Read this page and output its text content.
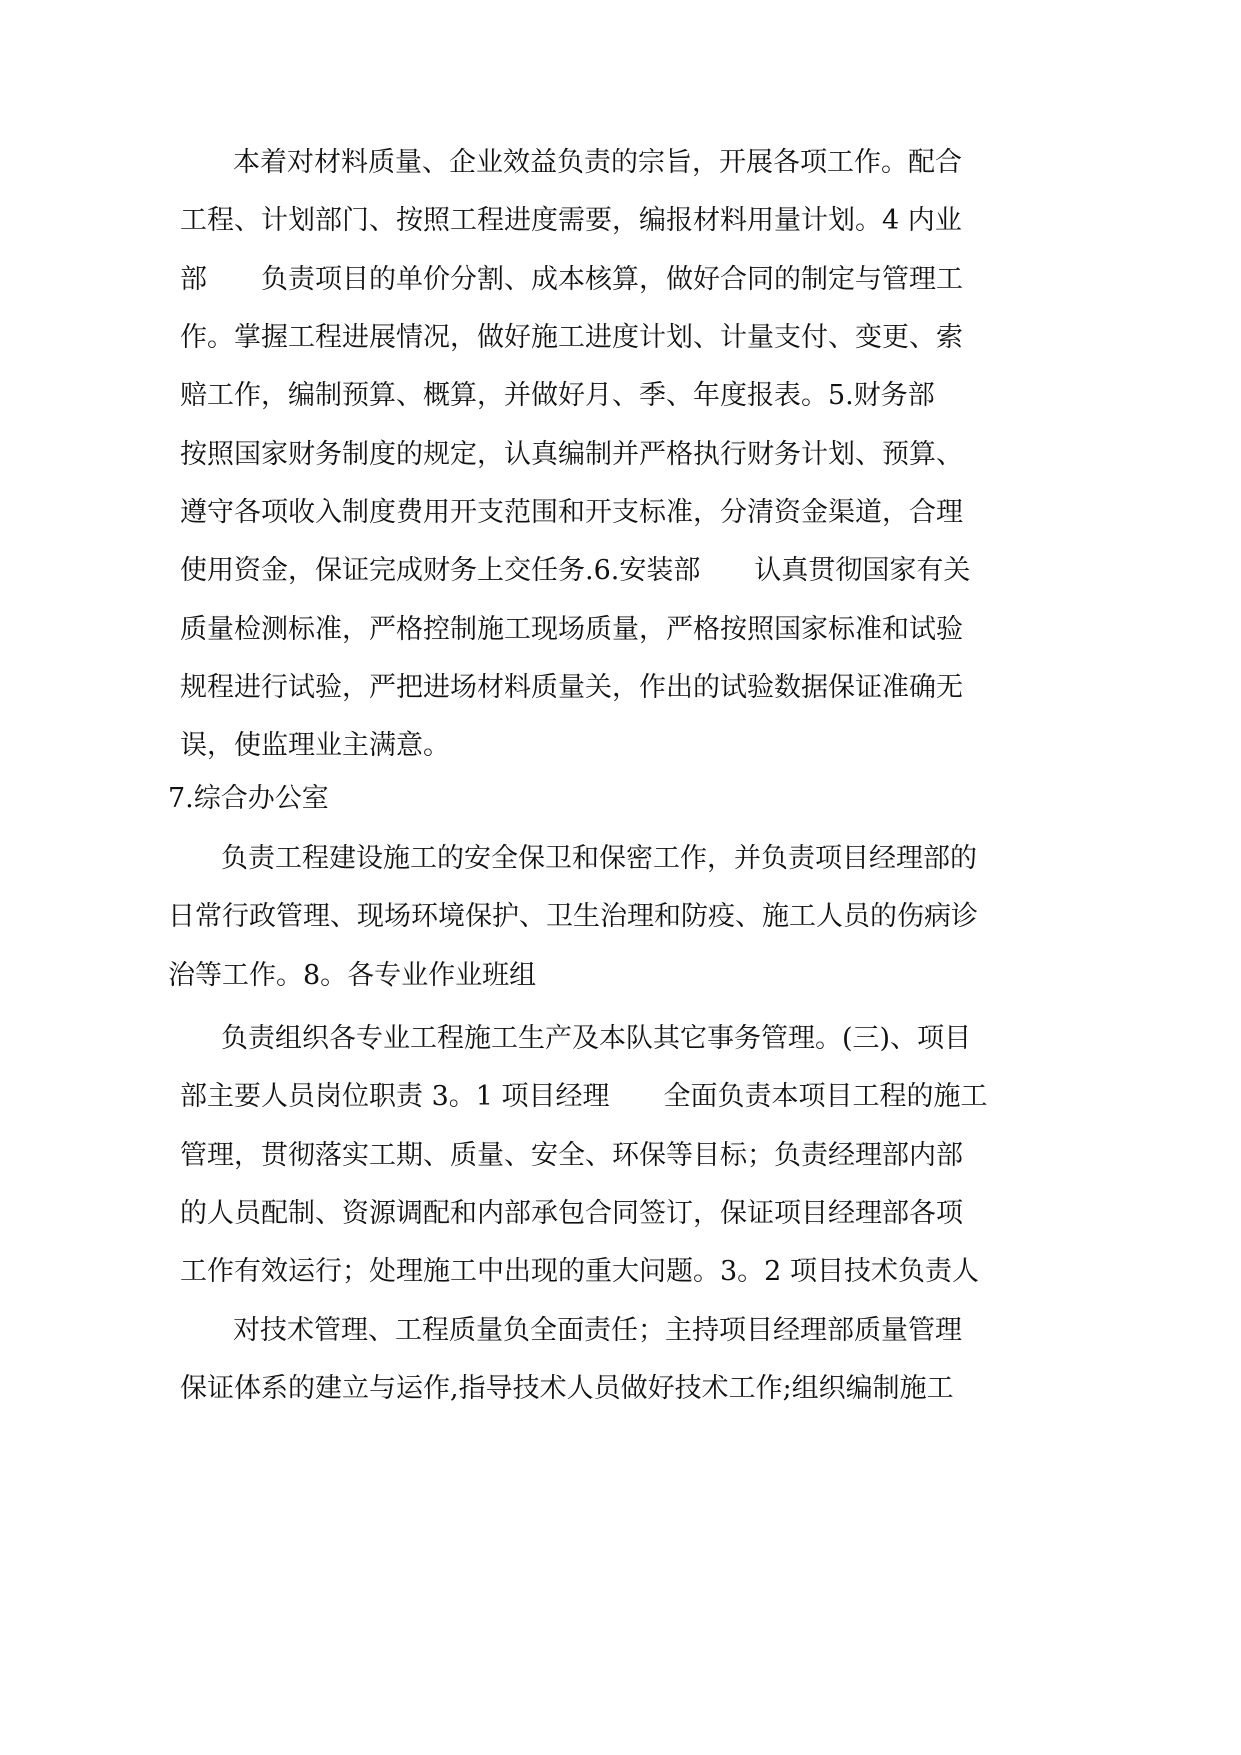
本着对材料质量、企业效益负责的宗旨，开展各项工作。配合

工程、计划部门、按照工程进度需要，编报材料用量计划。4 内业

部　　负责项目的单价分割、成本核算，做好合同的制定与管理工

作。掌握工程进展情况，做好施工进度计划、计量支付、变更、索

赔工作，编制预算、概算，并做好月、季、年度报表。5.财务部

按照国家财务制度的规定，认真编制并严格执行财务计划、预算、

遵守各项收入制度费用开支范围和开支标准，分清资金渠道，合理

使用资金，保证完成财务上交任务.6.安装部　　认真贯彻国家有关

质量检测标准，严格控制施工现场质量，严格按照国家标准和试验

规程进行试验，严把进场材料质量关，作出的试验数据保证准确无

误，使监理业主满意。

7.综合办公室

负责工程建设施工的安全保卫和保密工作，并负责项目经理部的

日常行政管理、现场环境保护、卫生治理和防疫、施工人员的伤病诊

治等工作。8。各专业作业班组

负责组织各专业工程施工生产及本队其它事务管理。(三)、项目

部主要人员岗位职责 3。1 项目经理　　全面负责本项目工程的施工

管理，贯彻落实工期、质量、安全、环保等目标；负责经理部内部

的人员配制、资源调配和内部承包合同签订，保证项目经理部各项

工作有效运行；处理施工中出现的重大问题。3。2 项目技术负责人

对技术管理、工程质量负全面责任；主持项目经理部质量管理

保证体系的建立与运作,指导技术人员做好技术工作;组织编制施工
